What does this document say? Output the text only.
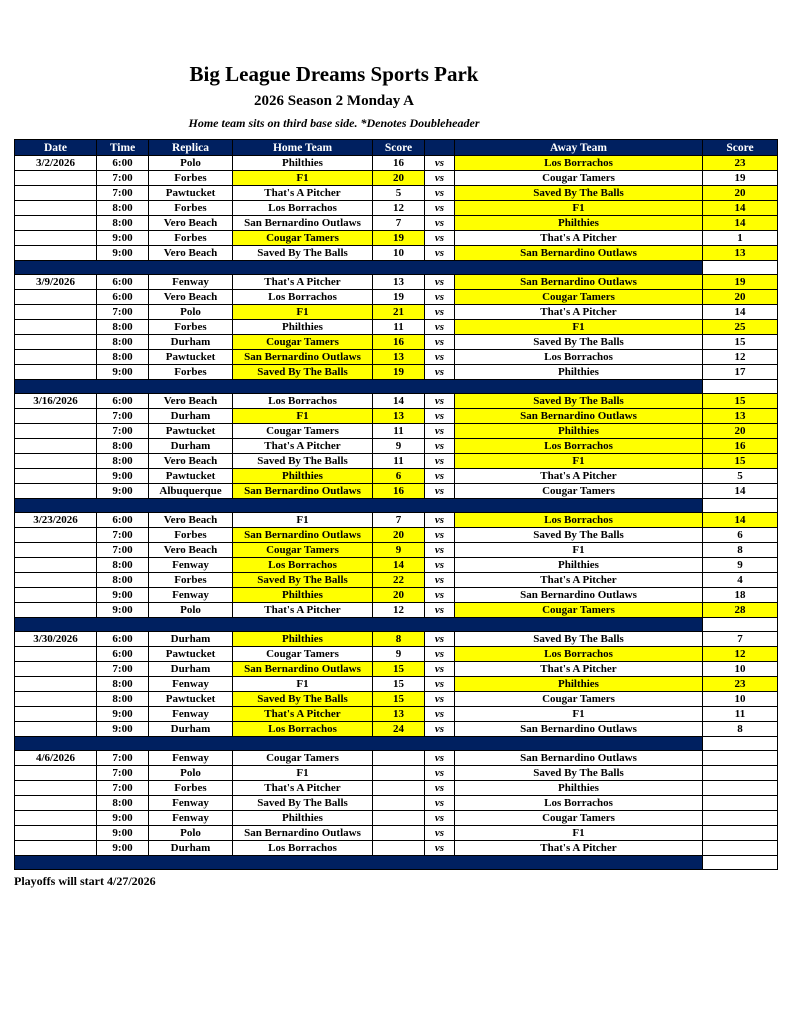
Big League Dreams Sports Park
2026 Season 2 Monday A
Home team sits on third base side. *Denotes Doubleheader
Date	Time	Replica	Home Team	Score		Away Team	Score
3/2/2026	6:00	Polo	Philthies	16	vs	Los Borrachos	23
	7:00	Forbes	F1	20	vs	Cougar Tamers	19
	7:00	Pawtucket	That's A Pitcher	5	vs	Saved By The Balls	20
	8:00	Forbes	Los Borrachos	12	vs	F1	14
	8:00	Vero Beach	San Bernardino Outlaws	7	vs	Philthies	14
	9:00	Forbes	Cougar Tamers	19	vs	That's A Pitcher	1
	9:00	Vero Beach	Saved By The Balls	10	vs	San Bernardino Outlaws	13

3/9/2026	6:00	Fenway	That's A Pitcher	13	vs	San Bernardino Outlaws	19
	6:00	Vero Beach	Los Borrachos	19	vs	Cougar Tamers	20
	7:00	Polo	F1	21	vs	That's A Pitcher	14
	8:00	Forbes	Philthies	11	vs	F1	25
	8:00	Durham	Cougar Tamers	16	vs	Saved By The Balls	15
	8:00	Pawtucket	San Bernardino Outlaws	13	vs	Los Borrachos	12
	9:00	Forbes	Saved By The Balls	19	vs	Philthies	17

3/16/2026	6:00	Vero Beach	Los Borrachos	14	vs	Saved By The Balls	15
	7:00	Durham	F1	13	vs	San Bernardino Outlaws	13
	7:00	Pawtucket	Cougar Tamers	11	vs	Philthies	20
	8:00	Durham	That's A Pitcher	9	vs	Los Borrachos	16
	8:00	Vero Beach	Saved By The Balls	11	vs	F1	15
	9:00	Pawtucket	Philthies	6	vs	That's A Pitcher	5
	9:00	Albuquerque	San Bernardino Outlaws	16	vs	Cougar Tamers	14

3/23/2026	6:00	Vero Beach	F1	7	vs	Los Borrachos	14
	7:00	Forbes	San Bernardino Outlaws	20	vs	Saved By The Balls	6
	7:00	Vero Beach	Cougar Tamers	9	vs	F1	8
	8:00	Fenway	Los Borrachos	14	vs	Philthies	9
	8:00	Forbes	Saved By The Balls	22	vs	That's A Pitcher	4
	9:00	Fenway	Philthies	20	vs	San Bernardino Outlaws	18
	9:00	Polo	That's A Pitcher	12	vs	Cougar Tamers	28

3/30/2026	6:00	Durham	Philthies	8	vs	Saved By The Balls	7
	6:00	Pawtucket	Cougar Tamers	9	vs	Los Borrachos	12
	7:00	Durham	San Bernardino Outlaws	15	vs	That's A Pitcher	10
	8:00	Fenway	F1	15	vs	Philthies	23
	8:00	Pawtucket	Saved By The Balls	15	vs	Cougar Tamers	10
	9:00	Fenway	That's A Pitcher	13	vs	F1	11
	9:00	Durham	Los Borrachos	24	vs	San Bernardino Outlaws	8

4/6/2026	7:00	Fenway	Cougar Tamers		vs	San Bernardino Outlaws	
	7:00	Polo	F1		vs	Saved By The Balls	
	7:00	Forbes	That's A Pitcher		vs	Philthies	
	8:00	Fenway	Saved By The Balls		vs	Los Borrachos	
	9:00	Fenway	Philthies		vs	Cougar Tamers	
	9:00	Polo	San Bernardino Outlaws		vs	F1	
	9:00	Durham	Los Borrachos		vs	That's A Pitcher	

Playoffs will start 4/27/2026
